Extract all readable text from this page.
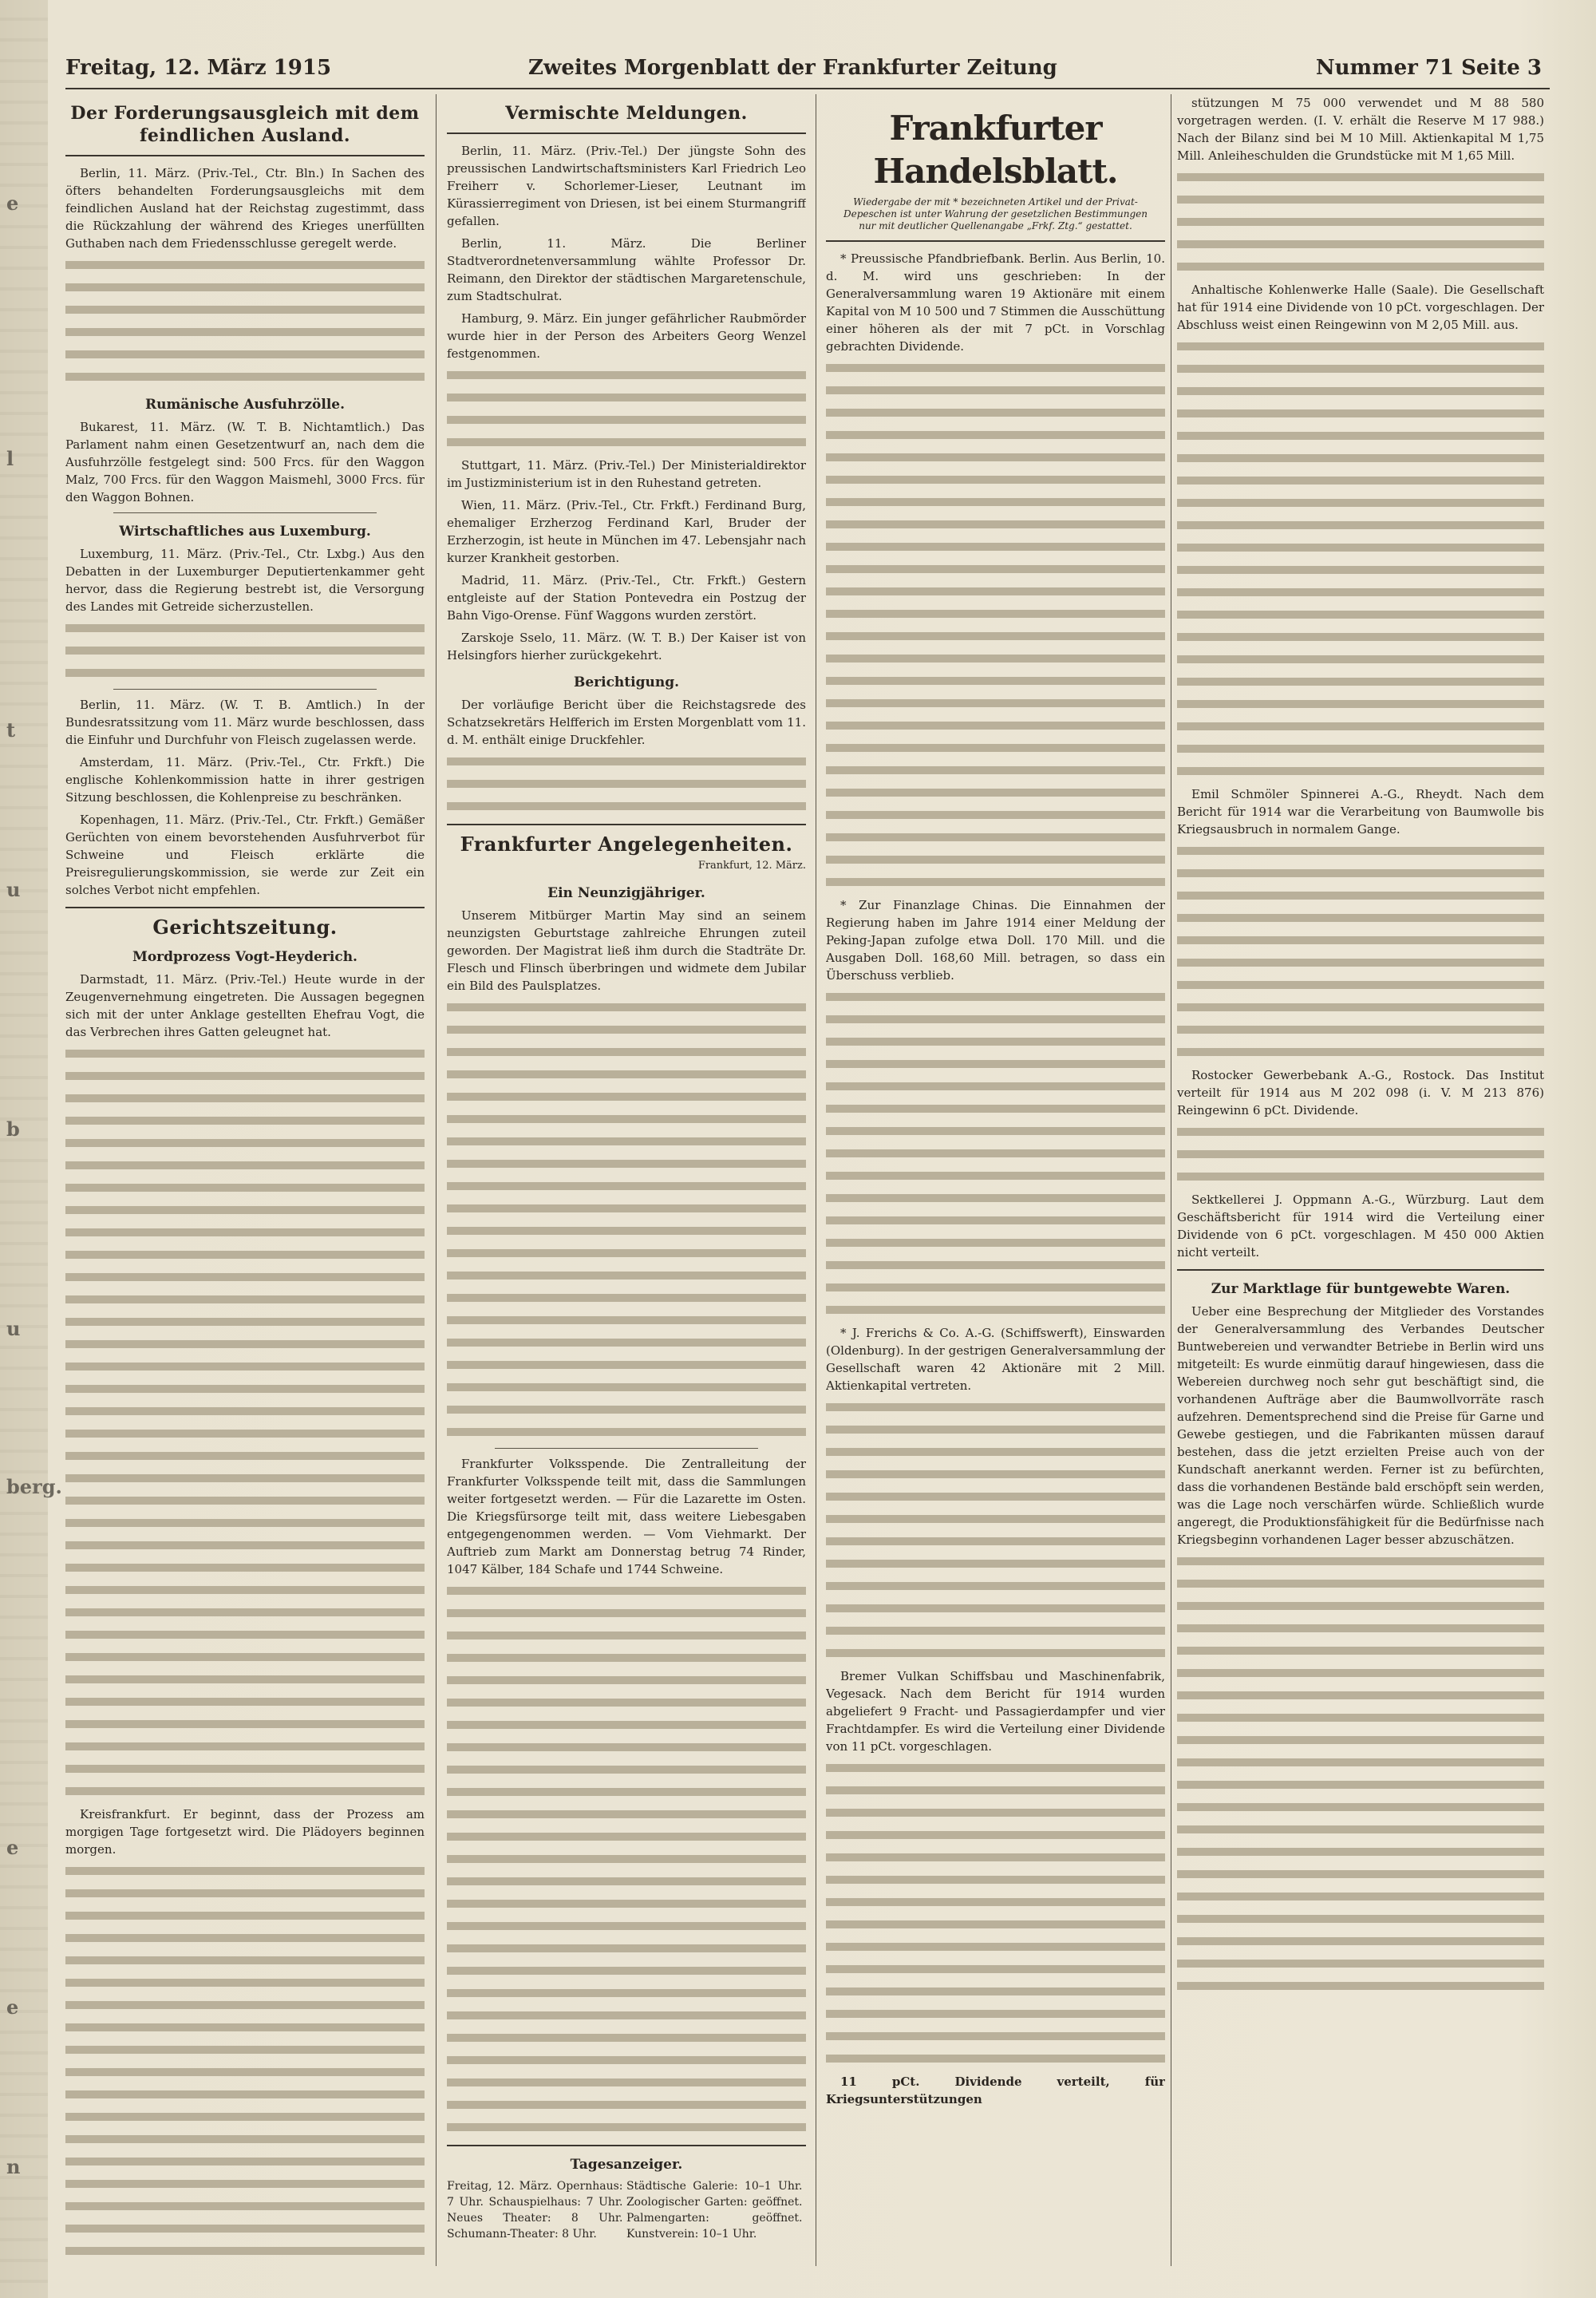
e
l
t
u
b
u
berg.
e
e
n
Freitag, 12. März 1915	Zweites Morgenblatt der Frankfurter Zeitung	Nummer 71 Seite 3
Der Forderungsausgleich mit dem feindlichen Ausland.

Berlin, 11. März. (Priv.-Tel., Ctr. Bln.) In Sachen des öfters behandelten Forderungsausgleichs mit dem feindlichen Ausland hat der Reichstag zugestimmt, dass die Rückzahlung der während des Krieges unerfüllten Guthaben nach dem Friedensschlusse geregelt werde.

Rumänische Ausfuhrzölle.

Bukarest, 11. März. (W. T. B. Nichtamtlich.) Das Parlament nahm einen Gesetzentwurf an, nach dem die Ausfuhrzölle festgelegt sind: 500 Frcs. für den Waggon Malz, 700 Frcs. für den Waggon Maismehl, 3000 Frcs. für den Waggon Bohnen.

Wirtschaftliches aus Luxemburg.

Luxemburg, 11. März. (Priv.-Tel., Ctr. Lxbg.) Aus den Debatten in der Luxemburger Deputiertenkammer geht hervor, dass die Regierung bestrebt ist, die Versorgung des Landes mit Getreide sicherzustellen.

Berlin, 11. März. (W. T. B. Amtlich.) In der Bundesratssitzung vom 11. März wurde beschlossen, dass die Einfuhr und Durchfuhr von Fleisch zugelassen werde.

Amsterdam, 11. März. (Priv.-Tel., Ctr. Frkft.) Die englische Kohlenkommission hatte in ihrer gestrigen Sitzung beschlossen, die Kohlenpreise zu beschränken.

Kopenhagen, 11. März. (Priv.-Tel., Ctr. Frkft.) Gemäßer Gerüchten von einem bevorstehenden Ausfuhrverbot für Schweine und Fleisch erklärte die Preisregulierungskommission, sie werde zur Zeit ein solches Verbot nicht empfehlen.

Gerichtszeitung.
Mordprozess Vogt-Heyderich.

Darmstadt, 11. März. (Priv.-Tel.) Heute wurde in der Zeugenvernehmung eingetreten. Die Aussagen begegnen sich mit der unter Anklage gestellten Ehefrau Vogt, die das Verbrechen ihres Gatten geleugnet hat.

Kreisfrankfurt. Er beginnt, dass der Prozess am morgigen Tage fortgesetzt wird. Die Plädoyers beginnen morgen.

Vermischte Meldungen.

Berlin, 11. März. (Priv.-Tel.) Der jüngste Sohn des preussischen Landwirtschaftsministers Karl Friedrich Leo Freiherr v. Schorlemer-Lieser, Leutnant im Kürassierregiment von Driesen, ist bei einem Sturmangriff gefallen.

Berlin, 11. März. Die Berliner Stadtverordnetenversammlung wählte Professor Dr. Reimann, den Direktor der städtischen Margaretenschule, zum Stadtschulrat.

Hamburg, 9. März. Ein junger gefährlicher Raubmörder wurde hier in der Person des Arbeiters Georg Wenzel festgenommen.

Stuttgart, 11. März. (Priv.-Tel.) Der Ministerialdirektor im Justizministerium ist in den Ruhestand getreten.

Wien, 11. März. (Priv.-Tel., Ctr. Frkft.) Ferdinand Burg, ehemaliger Erzherzog Ferdinand Karl, Bruder der Erzherzogin, ist heute in München im 47. Lebensjahr nach kurzer Krankheit gestorben.

Madrid, 11. März. (Priv.-Tel., Ctr. Frkft.) Gestern entgleiste auf der Station Pontevedra ein Postzug der Bahn Vigo-Orense. Fünf Waggons wurden zerstört.

Zarskoje Sselo, 11. März. (W. T. B.) Der Kaiser ist von Helsingfors hierher zurückgekehrt.

Berichtigung.

Der vorläufige Bericht über die Reichstagsrede des Schatzsekretärs Helfferich im Ersten Morgenblatt vom 11. d. M. enthält einige Druckfehler.

Frankfurter Angelegenheiten.
Frankfurt, 12. März.
Ein Neunzigjähriger.

Unserem Mitbürger Martin May sind an seinem neunzigsten Geburtstage zahlreiche Ehrungen zuteil geworden. Der Magistrat ließ ihm durch die Stadträte Dr. Flesch und Flinsch überbringen und widmete dem Jubilar ein Bild des Paulsplatzes.

Frankfurter Volksspende. Die Zentralleitung der Frankfurter Volksspende teilt mit, dass die Sammlungen weiter fortgesetzt werden. — Für die Lazarette im Osten. Die Kriegsfürsorge teilt mit, dass weitere Liebesgaben entgegengenommen werden. — Vom Viehmarkt. Der Auftrieb zum Markt am Donnerstag betrug 74 Rinder, 1047 Kälber, 184 Schafe und 1744 Schweine.

Tagesanzeiger.
Freitag, 12. März. Opernhaus: 7 Uhr. Schauspielhaus: 7 Uhr. Neues Theater: 8 Uhr. Schumann-Theater: 8 Uhr. Städtische Galerie: 10–1 Uhr. Zoologischer Garten: geöffnet. Palmengarten: geöffnet. Kunstverein: 10–1 Uhr.
Frankfurter Handelsblatt.
Wiedergabe der mit * bezeichneten Artikel und der Privat-Depeschen ist unter Wahrung der gesetzlichen Bestimmungen nur mit deutlicher Quellenangabe „Frkf. Ztg.“ gestattet.

* Preussische Pfandbriefbank. Berlin. Aus Berlin, 10. d. M. wird uns geschrieben: In der Generalversammlung waren 19 Aktionäre mit einem Kapital von M 10 500 und 7 Stimmen die Ausschüttung einer höheren als der mit 7 pCt. in Vorschlag gebrachten Dividende.

* Zur Finanzlage Chinas. Die Einnahmen der Regierung haben im Jahre 1914 einer Meldung der Peking-Japan zufolge etwa Doll. 170 Mill. und die Ausgaben Doll. 168,60 Mill. betragen, so dass ein Überschuss verblieb.

* J. Frerichs & Co. A.-G. (Schiffswerft), Einswarden (Oldenburg). In der gestrigen Generalversammlung der Gesellschaft waren 42 Aktionäre mit 2 Mill. Aktienkapital vertreten.

Bremer Vulkan Schiffsbau und Maschinenfabrik, Vegesack. Nach dem Bericht für 1914 wurden abgeliefert 9 Fracht- und Passagierdampfer und vier Frachtdampfer. Es wird die Verteilung einer Dividende von 11 pCt. vorgeschlagen.

11 pCt. Dividende verteilt, für Kriegsunterstützungen

stützungen M 75 000 verwendet und M 88 580 vorgetragen werden. (I. V. erhält die Reserve M 17 988.) Nach der Bilanz sind bei M 10 Mill. Aktienkapital M 1,75 Mill. Anleiheschulden die Grundstücke mit M 1,65 Mill.

Anhaltische Kohlenwerke Halle (Saale). Die Gesellschaft hat für 1914 eine Dividende von 10 pCt. vorgeschlagen. Der Abschluss weist einen Reingewinn von M 2,05 Mill. aus.

Emil Schmöler Spinnerei A.-G., Rheydt. Nach dem Bericht für 1914 war die Verarbeitung von Baumwolle bis Kriegsausbruch in normalem Gange.

Rostocker Gewerbebank A.-G., Rostock. Das Institut verteilt für 1914 aus M 202 098 (i. V. M 213 876) Reingewinn 6 pCt. Dividende.

Sektkellerei J. Oppmann A.-G., Würzburg. Laut dem Geschäftsbericht für 1914 wird die Verteilung einer Dividende von 6 pCt. vorgeschlagen. M 450 000 Aktien nicht verteilt.

Zur Marktlage für buntgewebte Waren.

Ueber eine Besprechung der Mitglieder des Vorstandes der Generalversammlung des Verbandes Deutscher Buntwebereien und verwandter Betriebe in Berlin wird uns mitgeteilt: Es wurde einmütig darauf hingewiesen, dass die Webereien durchweg noch sehr gut beschäftigt sind, die vorhandenen Aufträge aber die Baumwollvorräte rasch aufzehren. Dementsprechend sind die Preise für Garne und Gewebe gestiegen, und die Fabrikanten müssen darauf bestehen, dass die jetzt erzielten Preise auch von der Kundschaft anerkannt werden. Ferner ist zu befürchten, dass die vorhandenen Bestände bald erschöpft sein werden, was die Lage noch verschärfen würde. Schließlich wurde angeregt, die Produktionsfähigkeit für die Bedürfnisse nach Kriegsbeginn vorhandenen Lager besser abzuschätzen.
